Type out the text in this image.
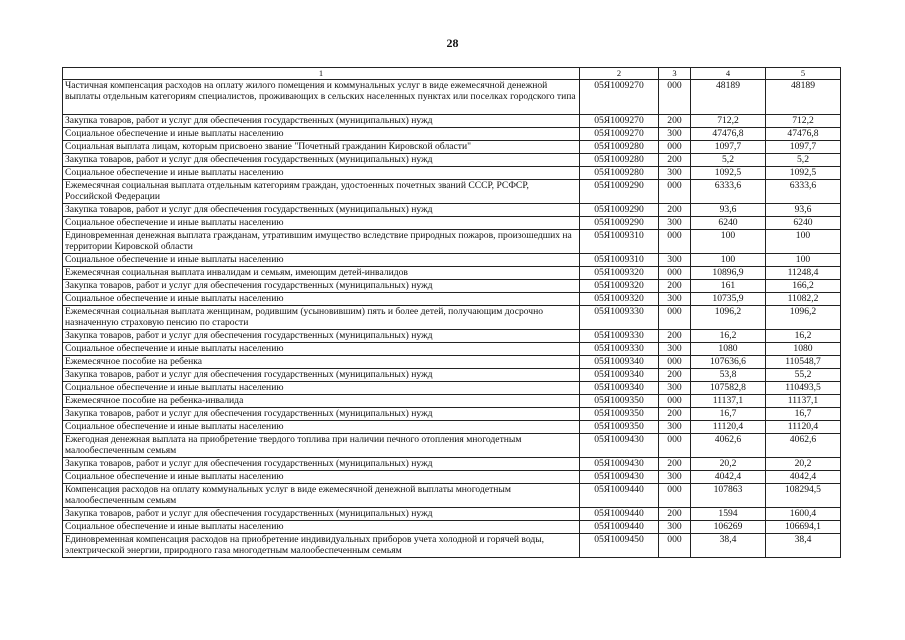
28
1	2	3	4	5
Частичная компенсация расходов на оплату жилого помещения и коммунальных услуг в виде ежемесячной денежной выплаты отдельным категориям специалистов, проживающих в сельских населенных пунктах или поселках городского типа	05Я1009270	000	48189	48189
Закупка товаров, работ и услуг для обеспечения государственных (муниципальных) нужд	05Я1009270	200	712,2	712,2
Социальное обеспечение и иные выплаты населению	05Я1009270	300	47476,8	47476,8
Социальная выплата лицам, которым присвоено звание "Почетный гражданин Кировской области"	05Я1009280	000	1097,7	1097,7
Закупка товаров, работ и услуг для обеспечения государственных (муниципальных) нужд	05Я1009280	200	5,2	5,2
Социальное обеспечение и иные выплаты населению	05Я1009280	300	1092,5	1092,5
Ежемесячная социальная выплата отдельным категориям граждан, удостоенных почетных званий СССР, РСФСР, Российской Федерации	05Я1009290	000	6333,6	6333,6
Закупка товаров, работ и услуг для обеспечения государственных (муниципальных) нужд	05Я1009290	200	93,6	93,6
Социальное обеспечение и иные выплаты населению	05Я1009290	300	6240	6240
Единовременная денежная выплата гражданам, утратившим имущество вследствие природных пожаров, произошедших на территории Кировской области	05Я1009310	000	100	100
Социальное обеспечение и иные выплаты населению	05Я1009310	300	100	100
Ежемесячная социальная выплата инвалидам и семьям, имеющим детей-инвалидов	05Я1009320	000	10896,9	11248,4
Закупка товаров, работ и услуг для обеспечения государственных (муниципальных) нужд	05Я1009320	200	161	166,2
Социальное обеспечение и иные выплаты населению	05Я1009320	300	10735,9	11082,2
Ежемесячная социальная выплата женщинам, родившим (усыновившим) пять и более детей, получающим досрочно назначенную страховую пенсию по старости	05Я1009330	000	1096,2	1096,2
Закупка товаров, работ и услуг для обеспечения государственных (муниципальных) нужд	05Я1009330	200	16,2	16,2
Социальное обеспечение и иные выплаты населению	05Я1009330	300	1080	1080
Ежемесячное пособие на ребенка	05Я1009340	000	107636,6	110548,7
Закупка товаров, работ и услуг для обеспечения государственных (муниципальных) нужд	05Я1009340	200	53,8	55,2
Социальное обеспечение и иные выплаты населению	05Я1009340	300	107582,8	110493,5
Ежемесячное пособие на ребенка-инвалида	05Я1009350	000	11137,1	11137,1
Закупка товаров, работ и услуг для обеспечения государственных (муниципальных) нужд	05Я1009350	200	16,7	16,7
Социальное обеспечение и иные выплаты населению	05Я1009350	300	11120,4	11120,4
Ежегодная денежная выплата на приобретение твердого топлива при наличии печного отопления многодетным малообеспеченным семьям	05Я1009430	000	4062,6	4062,6
Закупка товаров, работ и услуг для обеспечения государственных (муниципальных) нужд	05Я1009430	200	20,2	20,2
Социальное обеспечение и иные выплаты населению	05Я1009430	300	4042,4	4042,4
Компенсация расходов на оплату коммунальных услуг в виде ежемесячной денежной выплаты многодетным малообеспеченным семьям	05Я1009440	000	107863	108294,5
Закупка товаров, работ и услуг для обеспечения государственных (муниципальных) нужд	05Я1009440	200	1594	1600,4
Социальное обеспечение и иные выплаты населению	05Я1009440	300	106269	106694,1
Единовременная компенсация расходов на приобретение индивидуальных приборов учета холодной и горячей воды, электрической энергии, природного газа многодетным малообеспеченным семьям	05Я1009450	000	38,4	38,4
